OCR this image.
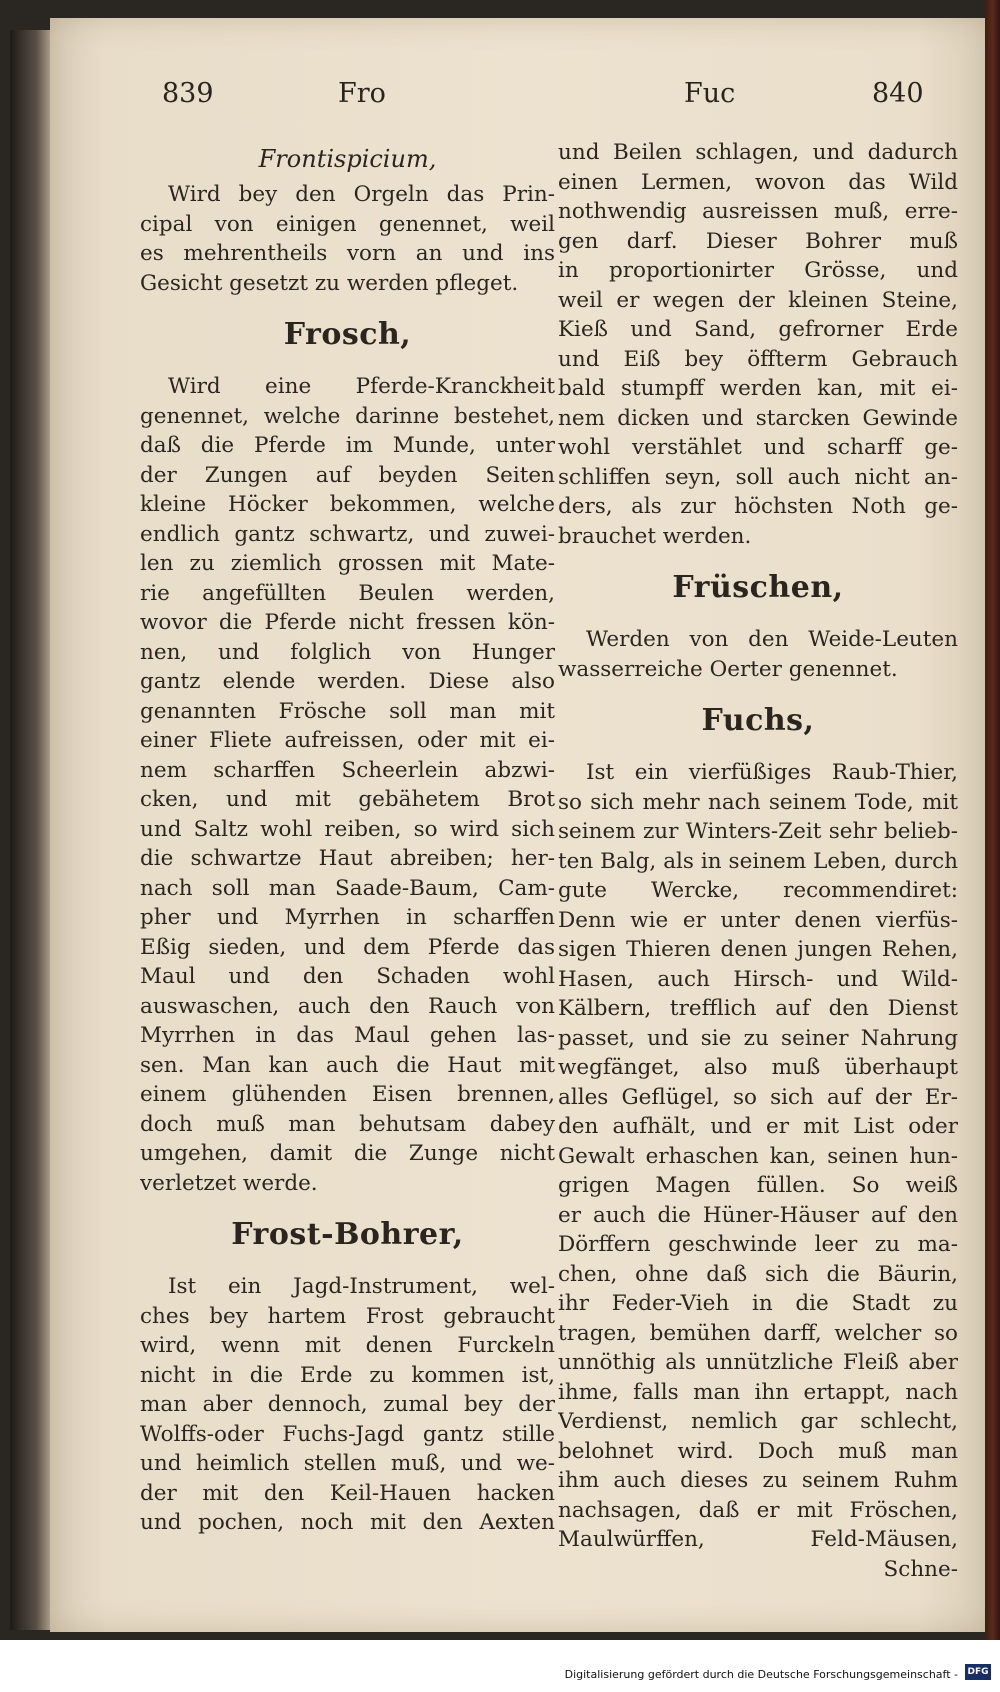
839	Fro	Fuc	840
Frontispicium,
Wird bey den Orgeln das Prin-
cipal von einigen genennet, weil
es mehrentheils vorn an und ins
Gesicht gesetzt zu werden pfleget.
Frosch,
Wird eine Pferde-Kranckheit
genennet, welche darinne bestehet,
daß die Pferde im Munde, unter
der Zungen auf beyden Seiten
kleine Höcker bekommen, welche
endlich gantz schwartz, und zuwei-
len zu ziemlich grossen mit Mate-
rie angefüllten Beulen werden,
wovor die Pferde nicht fressen kön-
nen, und folglich von Hunger
gantz elende werden. Diese also
genannten Frösche soll man mit
einer Fliete aufreissen, oder mit ei-
nem scharffen Scheerlein abzwi-
cken, und mit gebähetem Brot
und Saltz wohl reiben, so wird sich
die schwartze Haut abreiben; her-
nach soll man Saade-Baum, Cam-
pher und Myrrhen in scharffen
Eßig sieden, und dem Pferde das
Maul und den Schaden wohl
auswaschen, auch den Rauch von
Myrrhen in das Maul gehen las-
sen. Man kan auch die Haut mit
einem glühenden Eisen brennen,
doch muß man behutsam dabey
umgehen, damit die Zunge nicht
verletzet werde.
Frost-Bohrer,
Ist ein Jagd-Instrument, wel-
ches bey hartem Frost gebraucht
wird, wenn mit denen Furckeln
nicht in die Erde zu kommen ist,
man aber dennoch, zumal bey der
Wolffs-oder Fuchs-Jagd gantz stille
und heimlich stellen muß, und we-
der mit den Keil-Hauen hacken
und pochen, noch mit den Aexten
und Beilen schlagen, und dadurch
einen Lermen, wovon das Wild
nothwendig ausreissen muß, erre-
gen darf. Dieser Bohrer muß
in proportionirter Grösse, und
weil er wegen der kleinen Steine,
Kieß und Sand, gefrorner Erde
und Eiß bey öffterm Gebrauch
bald stumpff werden kan, mit ei-
nem dicken und starcken Gewinde
wohl verstählet und scharff ge-
schliffen seyn, soll auch nicht an-
ders, als zur höchsten Noth ge-
brauchet werden.
Früschen,
Werden von den Weide-Leuten
wasserreiche Oerter genennet.
Fuchs,
Ist ein vierfüßiges Raub-Thier,
so sich mehr nach seinem Tode, mit
seinem zur Winters-Zeit sehr belieb-
ten Balg, als in seinem Leben, durch
gute Wercke, recommendiret:
Denn wie er unter denen vierfüs-
sigen Thieren denen jungen Rehen,
Hasen, auch Hirsch- und Wild-
Kälbern, trefflich auf den Dienst
passet, und sie zu seiner Nahrung
wegfänget, also muß überhaupt
alles Geflügel, so sich auf der Er-
den aufhält, und er mit List oder
Gewalt erhaschen kan, seinen hun-
grigen Magen füllen. So weiß
er auch die Hüner-Häuser auf den
Dörffern geschwinde leer zu ma-
chen, ohne daß sich die Bäurin,
ihr Feder-Vieh in die Stadt zu
tragen, bemühen darff, welcher so
unnöthig als unnützliche Fleiß aber
ihme, falls man ihn ertappt, nach
Verdienst, nemlich gar schlecht,
belohnet wird. Doch muß man
ihm auch dieses zu seinem Ruhm
nachsagen, daß er mit Fröschen,
Maulwürffen, Feld-Mäusen,
Schne-
Digitalisierung gefördert durch die Deutsche Forschungsgemeinschaft - DFG
